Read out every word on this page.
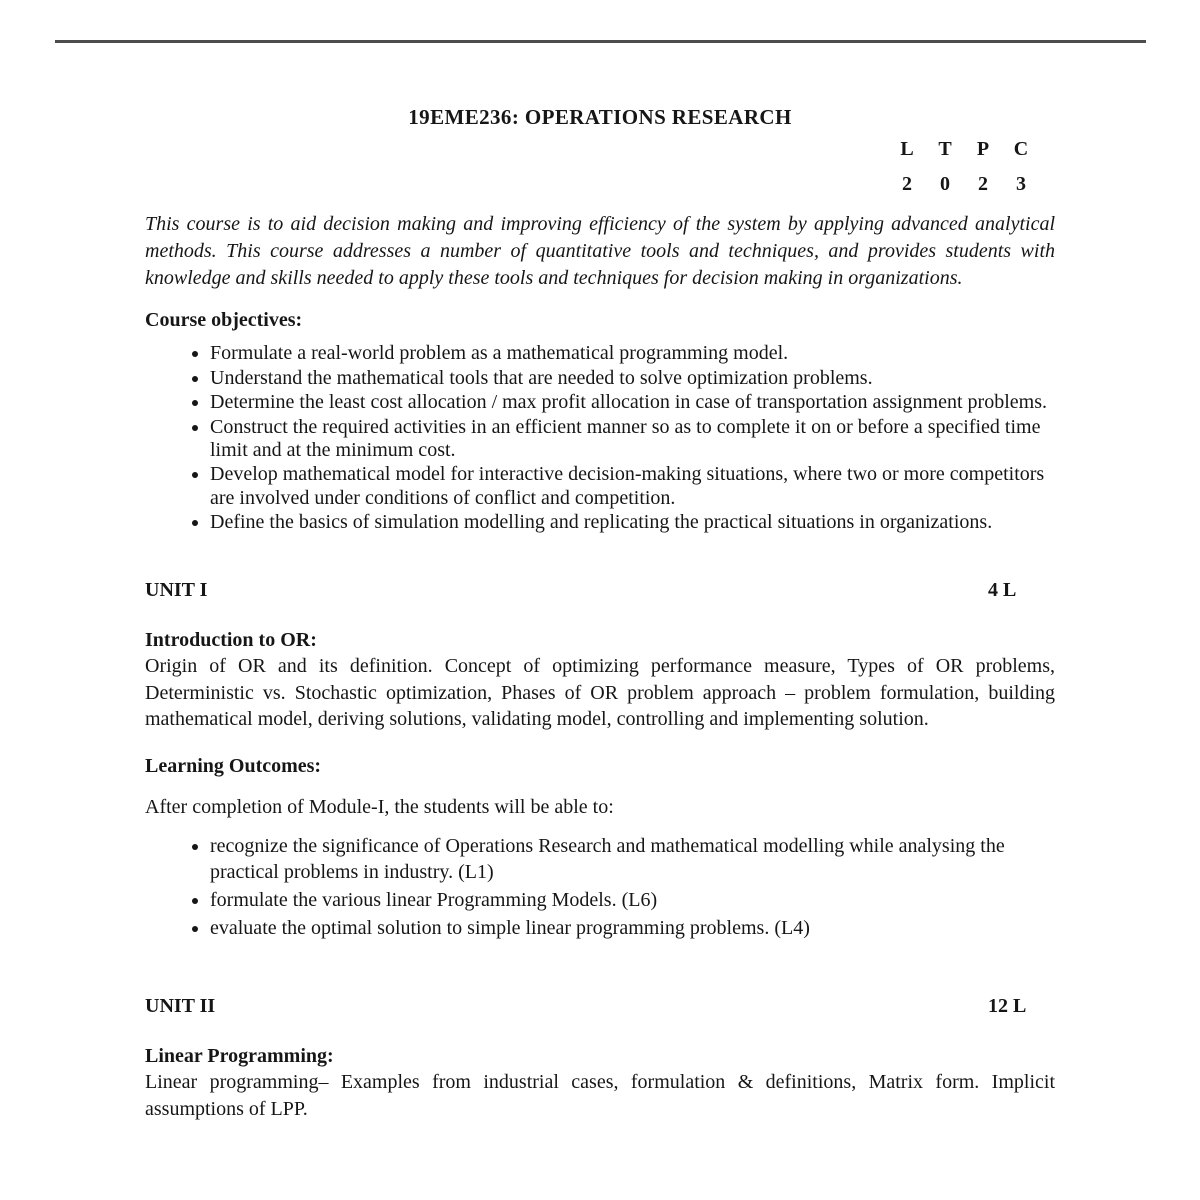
19EME236: OPERATIONS RESEARCH
L	T	P	C
2	0	2	3

This course is to aid decision making and improving efficiency of the system by applying advanced analytical methods. This course addresses a number of quantitative tools and techniques, and provides students with knowledge and skills needed to apply these tools and techniques for decision making in organizations.

Course objectives:
• Formulate a real-world problem as a mathematical programming model.
• Understand the mathematical tools that are needed to solve optimization problems.
• Determine the least cost allocation / max profit allocation in case of transportation assignment problems.
• Construct the required activities in an efficient manner so as to complete it on or before a specified time limit and at the minimum cost.
• Develop mathematical model for interactive decision-making situations, where two or more competitors are involved under conditions of conflict and competition.
• Define the basics of simulation modelling and replicating the practical situations in organizations.
UNIT I	4 L
Introduction to OR:

Origin of OR and its definition. Concept of optimizing performance measure, Types of OR problems, Deterministic vs. Stochastic optimization, Phases of OR problem approach – problem formulation, building mathematical model, deriving solutions, validating model, controlling and implementing solution.

Learning Outcomes:

After completion of Module-I, the students will be able to:

• recognize the significance of Operations Research and mathematical modelling while analysing the practical problems in industry. (L1)
• formulate the various linear Programming Models. (L6)
• evaluate the optimal solution to simple linear programming problems. (L4)
UNIT II	12 L
Linear Programming:

Linear programming– Examples from industrial cases, formulation & definitions, Matrix form. Implicit assumptions of LPP.
